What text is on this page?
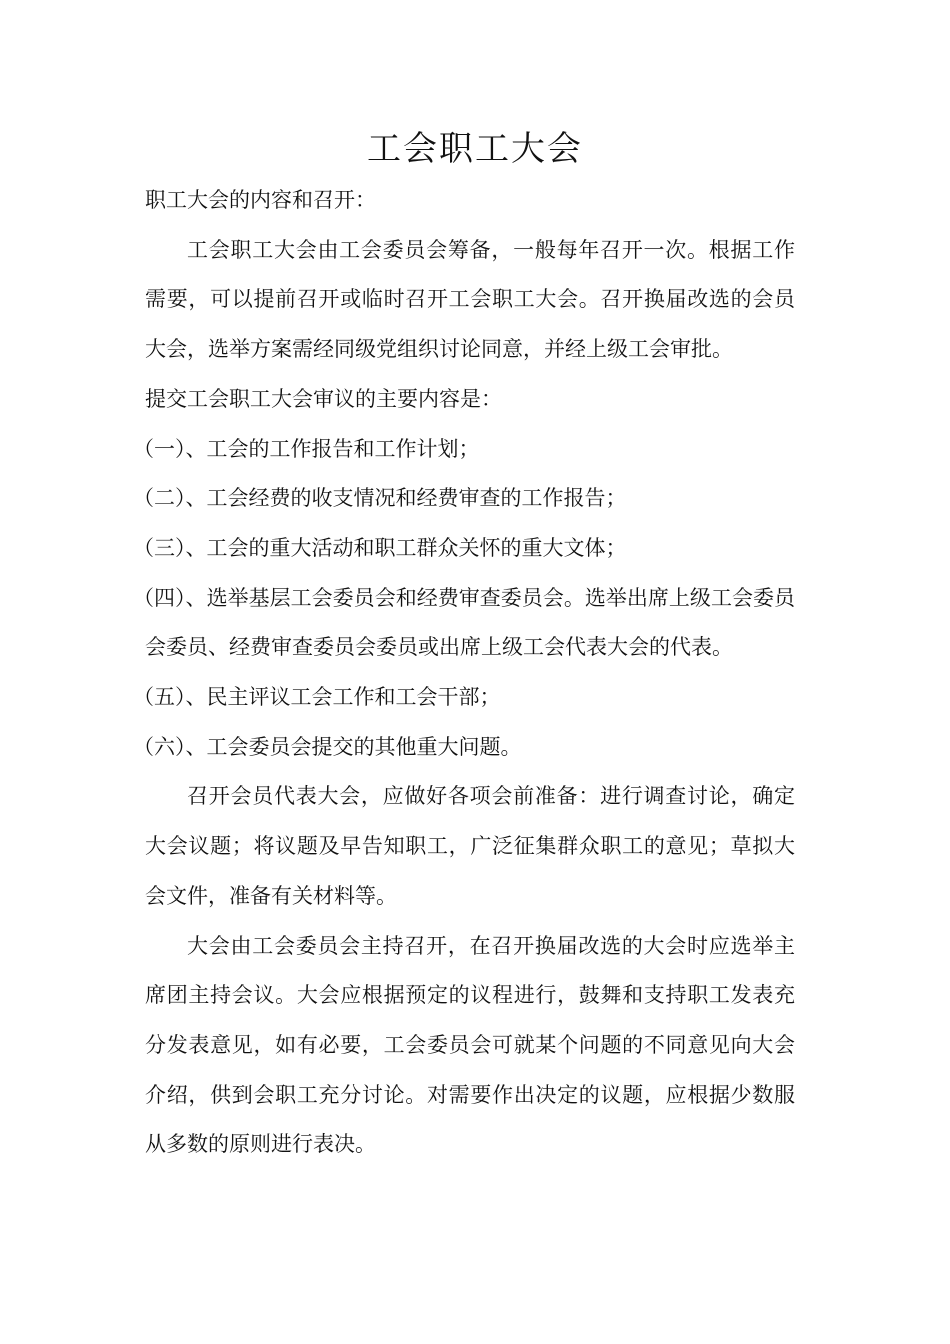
工会职工大会

职工大会的内容和召开：

工会职工大会由工会委员会筹备，一般每年召开一次。根据工作需要，可以提前召开或临时召开工会职工大会。召开换届改选的会员大会，选举方案需经同级党组织讨论同意，并经上级工会审批。

提交工会职工大会审议的主要内容是：

（一）、工会的工作报告和工作计划；

（二）、工会经费的收支情况和经费审查的工作报告；

（三）、工会的重大活动和职工群众关怀的重大文体；

（四）、选举基层工会委员会和经费审查委员会。选举出席上级工会委员会委员、经费审查委员会委员或出席上级工会代表大会的代表。

（五）、民主评议工会工作和工会干部；

（六）、工会委员会提交的其他重大问题。

召开会员代表大会，应做好各项会前准备：进行调查讨论，确定大会议题；将议题及早告知职工，广泛征集群众职工的意见；草拟大会文件，准备有关材料等。

大会由工会委员会主持召开，在召开换届改选的大会时应选举主席团主持会议。大会应根据预定的议程进行，鼓舞和支持职工发表充分发表意见，如有必要，工会委员会可就某个问题的不同意见向大会介绍，供到会职工充分讨论。对需要作出决定的议题，应根据少数服从多数的原则进行表决。
